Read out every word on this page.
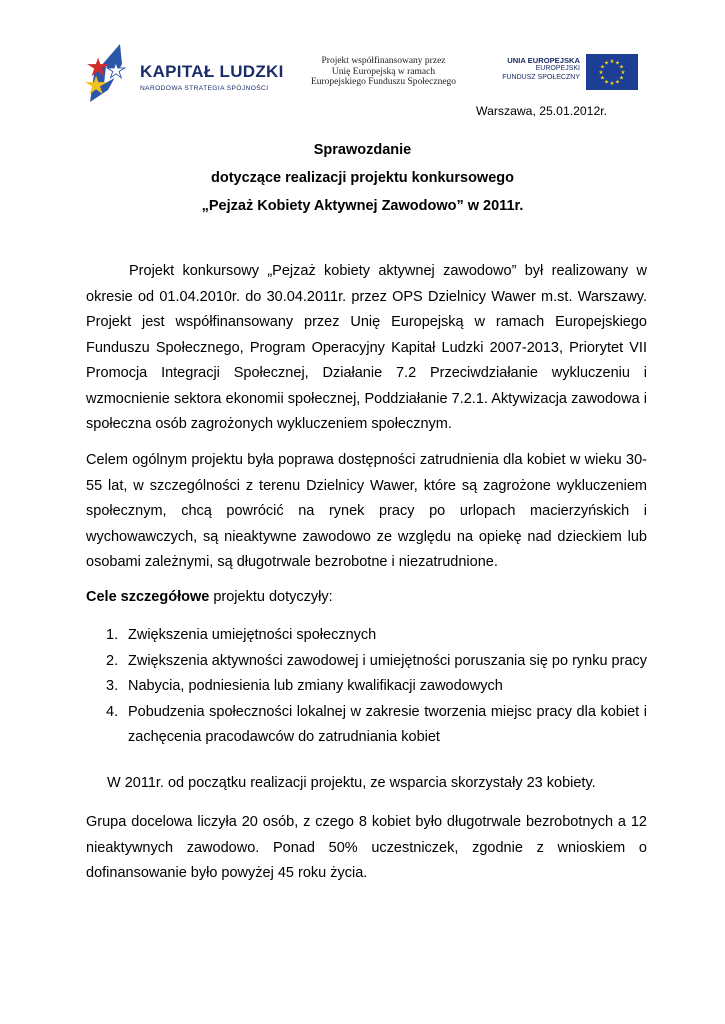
KAPITAŁ LUDZKI
NARODOWA STRATEGIA SPÓJNOŚCI
Projekt współfinansowany przez
Unię Europejską w ramach
Europejskiego Funduszu Społecznego
UNIA EUROPEJSKA
EUROPEJSKI
FUNDUSZ SPOŁECZNY
★ ★
★
★
★
★
★
★
★
★
★
★
Warszawa, 25.01.2012r.
Sprawozdanie
dotyczące realizacji projektu konkursowego
„Pejzaż Kobiety Aktywnej Zawodowo” w 2011r.
Projekt konkursowy „Pejzaż kobiety aktywnej zawodowo” był realizowany w okresie od 01.04.2010r. do 30.04.2011r. przez OPS Dzielnicy Wawer m.st. Warszawy. Projekt jest współfinansowany przez Unię Europejską w ramach Europejskiego Funduszu Społecznego, Program Operacyjny Kapitał Ludzki 2007-2013, Priorytet VII Promocja Integracji Społecznej, Działanie 7.2 Przeciwdziałanie wykluczeniu i wzmocnienie sektora ekonomii społecznej, Poddziałanie 7.2.1. Aktywizacja zawodowa i społeczna osób zagrożonych wykluczeniem społecznym.
Celem ogólnym projektu była poprawa dostępności zatrudnienia dla kobiet w wieku 30-55 lat, w szczególności z terenu Dzielnicy Wawer, które są zagrożone wykluczeniem społecznym, chcą powrócić na rynek pracy po urlopach macierzyńskich i wychowawczych, są nieaktywne zawodowo ze względu na opiekę nad dzieckiem lub osobami zależnymi, są długotrwale bezrobotne i niezatrudnione.
Cele szczegółowe projektu dotyczyły:
1. Zwiększenia umiejętności społecznych
2. Zwiększenia aktywności zawodowej i umiejętności poruszania się po rynku pracy
3. Nabycia, podniesienia lub zmiany kwalifikacji zawodowych
4. Pobudzenia społeczności lokalnej w zakresie tworzenia miejsc pracy dla kobiet i zachęcenia pracodawców do zatrudniania kobiet
W 2011r. od początku realizacji projektu, ze wsparcia skorzystały 23 kobiety.
Grupa docelowa liczyła 20 osób, z czego 8 kobiet było długotrwale bezrobotnych a 12 nieaktywnych zawodowo. Ponad 50% uczestniczek, zgodnie z wnioskiem o dofinansowanie było powyżej 45 roku życia.
